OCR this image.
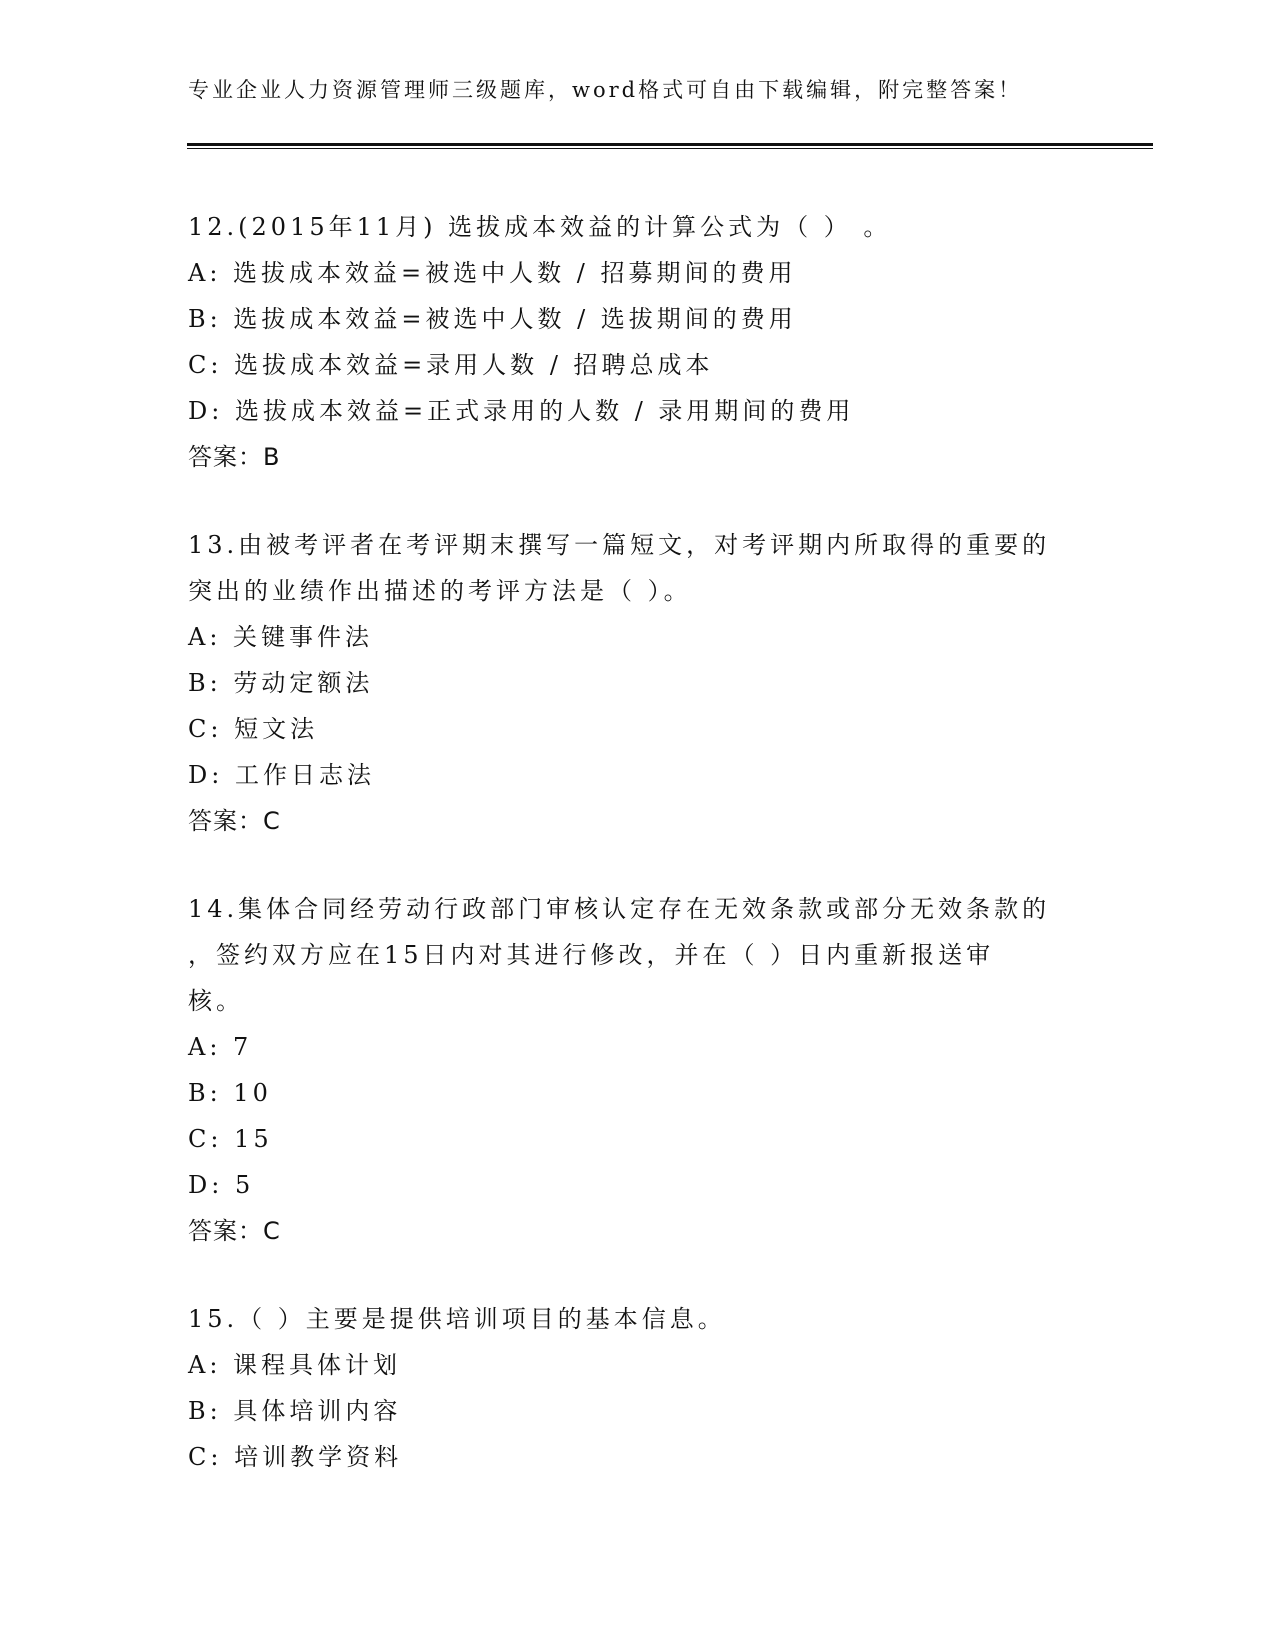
专业企业人力资源管理师三级题库，word格式可自由下载编辑，附完整答案！

12.(2015年11月) 选拔成本效益的计算公式为（ ） 。

A: 选拔成本效益=被选中人数 / 招募期间的费用

B: 选拔成本效益=被选中人数 / 选拔期间的费用

C: 选拔成本效益=录用人数 / 招聘总成本

D: 选拔成本效益=正式录用的人数 / 录用期间的费用

答案：B

13.由被考评者在考评期末撰写一篇短文，对考评期内所取得的重要的

突出的业绩作出描述的考评方法是（ ）。

A: 关键事件法

B: 劳动定额法

C: 短文法

D: 工作日志法

答案：C

14.集体合同经劳动行政部门审核认定存在无效条款或部分无效条款的

，签约双方应在15日内对其进行修改，并在（ ）日内重新报送审

核。

A: 7

B: 10

C: 15

D: 5

答案：C

15.（ ）主要是提供培训项目的基本信息。

A: 课程具体计划

B: 具体培训内容

C: 培训教学资料
